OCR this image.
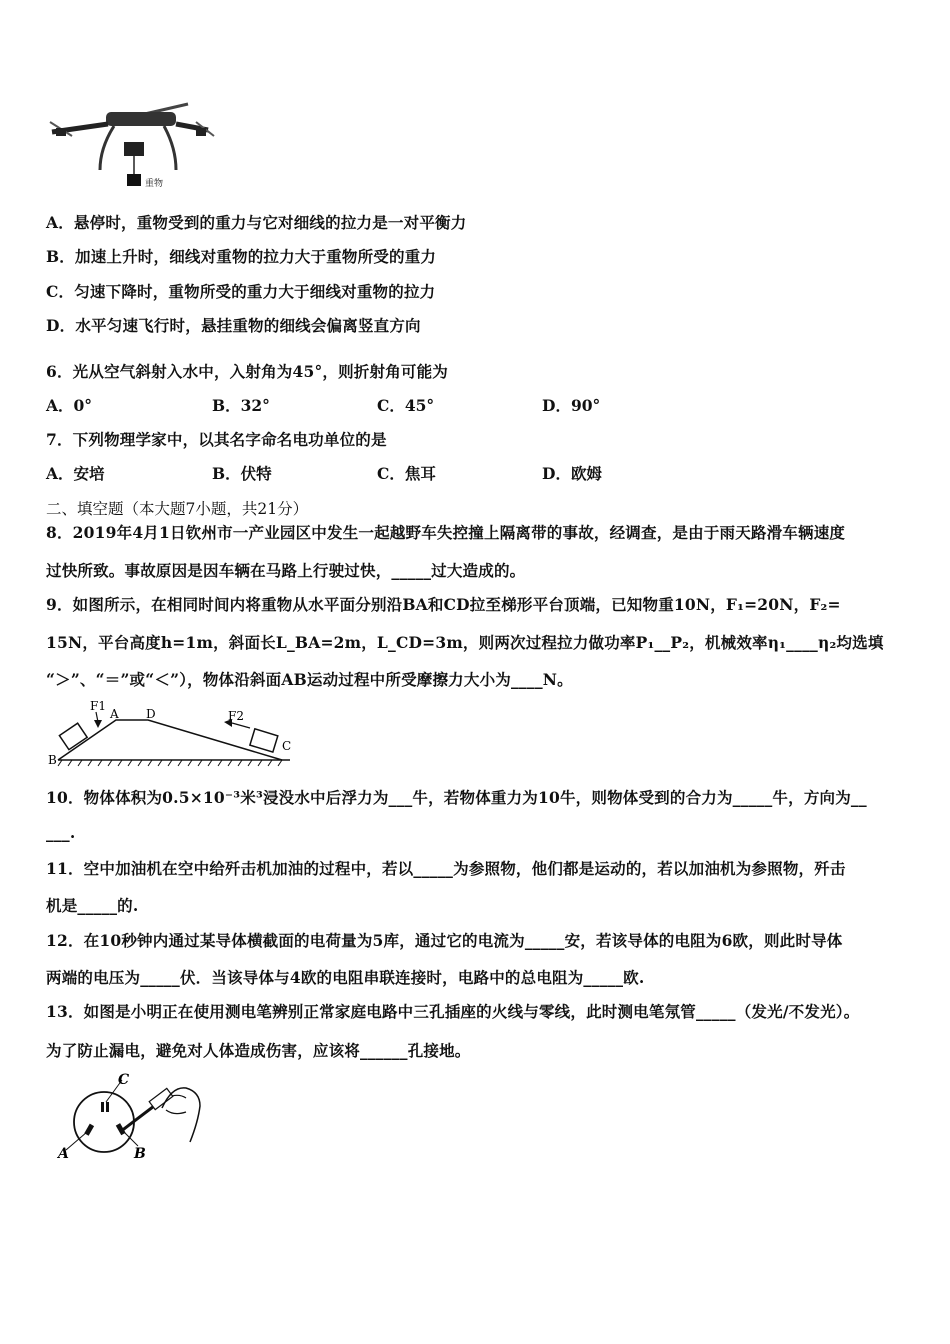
重物
A．悬停时，重物受到的重力与它对细线的拉力是一对平衡力
B．加速上升时，细线对重物的拉力大于重物所受的重力
C．匀速下降时，重物所受的重力大于细线对重物的拉力
D．水平匀速飞行时，悬挂重物的细线会偏离竖直方向
6．光从空气斜射入水中，入射角为45°，则折射角可能为
A．0°	B．32°	C．45°	D．90°
7．下列物理学家中，以其名字命名电功单位的是
A．安培	B．伏特	C．焦耳	D．欧姆
二、填空题（本大题7小题，共21分）
8．2019年4月1日钦州市一产业园区中发生一起越野车失控撞上隔离带的事故，经调查，是由于雨天路滑车辆速度
过快所致。事故原因是因车辆在马路上行驶过快，_____过大造成的。
9．如图所示，在相同时间内将重物从水平面分别沿BA和CD拉至梯形平台顶端，已知物重10N，F₁=20N，F₂=
15N，平台高度h=1m，斜面长L_BA=2m，L_CD=3m，则两次过程拉力做功率P₁__P₂，机械效率η₁____η₂均选填
“＞”、“＝”或“＜”），物体沿斜面AB运动过程中所受摩擦力大小为____N。
F1
A D	F2
B
C
10．物体体积为0.5×10⁻³米³浸没水中后浮力为___牛，若物体重力为10牛，则物体受到的合力为_____牛，方向为__
___.
11．空中加油机在空中给歼击机加油的过程中，若以_____为参照物，他们都是运动的，若以加油机为参照物，歼击
机是_____的.
12．在10秒钟内通过某导体横截面的电荷量为5库，通过它的电流为_____安，若该导体的电阻为6欧，则此时导体
两端的电压为_____伏．当该导体与4欧的电阻串联连接时，电路中的总电阻为_____欧.
13．如图是小明正在使用测电笔辨别正常家庭电路中三孔插座的火线与零线，此时测电笔氖管_____（发光/不发光）。
为了防止漏电，避免对人体造成伤害，应该将______孔接地。
C
A	B
